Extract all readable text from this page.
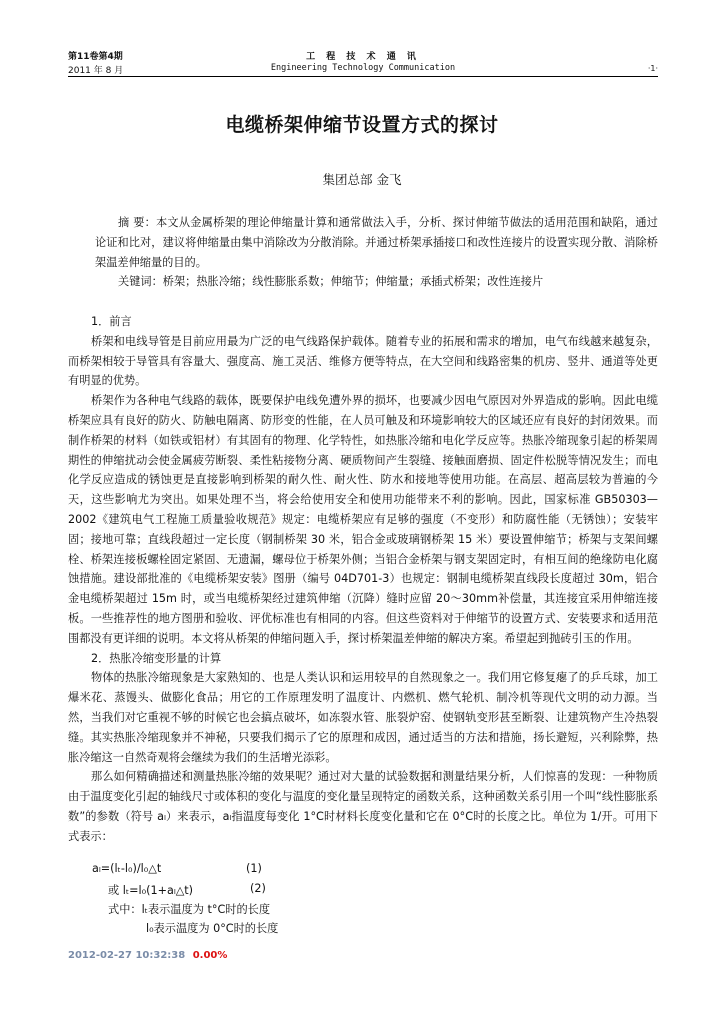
第11卷第4期
2011 年 8 月
工 程 技 术 通 讯
Engineering Technology Communication	·1·
电缆桥架伸缩节设置方式的探讨
集团总部 金飞

摘 要：本文从金属桥架的理论伸缩量计算和通常做法入手，分析、探讨伸缩节做法的适用范围和缺陷，通过论证和比对，建议将伸缩量由集中消除改为分散消除。并通过桥架承插接口和改性连接片的设置实现分散、消除桥架温差伸缩量的目的。

关键词：桥架；热胀冷缩；线性膨胀系数；伸缩节；伸缩量；承插式桥架；改性连接片

1．前言

桥架和电线导管是目前应用最为广泛的电气线路保护载体。随着专业的拓展和需求的增加，电气布线越来越复杂，而桥架相较于导管具有容量大、强度高、施工灵活、维修方便等特点，在大空间和线路密集的机房、竖井、通道等处更有明显的优势。

桥架作为各种电气线路的载体，既要保护电线免遭外界的损坏，也要减少因电气原因对外界造成的影响。因此电缆桥架应具有良好的防火、防触电隔离、防形变的性能，在人员可触及和环境影响较大的区域还应有良好的封闭效果。而制作桥架的材料（如铁或铝材）有其固有的物理、化学特性，如热胀冷缩和电化学反应等。热胀冷缩现象引起的桥架周期性的伸缩扰动会使金属疲劳断裂、柔性粘接物分离、硬质物间产生裂缝、接触面磨损、固定件松脱等情况发生；而电化学反应造成的锈蚀更是直接影响到桥架的耐久性、耐火性、防水和接地等使用功能。在高层、超高层较为普遍的今天，这些影响尤为突出。如果处理不当，将会给使用安全和使用功能带来不利的影响。因此，国家标准 GB50303—2002《建筑电气工程施工质量验收规范》规定：电缆桥架应有足够的强度（不变形）和防腐性能（无锈蚀）；安装牢固；接地可靠；直线段超过一定长度（钢制桥架 30 米，铝合金或玻璃钢桥架 15 米）要设置伸缩节；桥架与支架间螺栓、桥架连接板螺栓固定紧固、无遗漏，螺母位于桥架外侧；当铝合金桥架与钢支架固定时，有相互间的绝缘防电化腐蚀措施。建设部批准的《电缆桥架安装》图册（编号 04D701-3）也规定：钢制电缆桥架直线段长度超过 30m，铝合金电缆桥架超过 15m 时，或当电缆桥架经过建筑伸缩（沉降）缝时应留 20～30mm补偿量，其连接宜采用伸缩连接板。一些推荐性的地方图册和验收、评优标准也有相同的内容。但这些资料对于伸缩节的设置方式、安装要求和适用范围都没有更详细的说明。本文将从桥架的伸缩问题入手，探讨桥架温差伸缩的解决方案。希望起到抛砖引玉的作用。

2．热胀冷缩变形量的计算

物体的热胀冷缩现象是大家熟知的、也是人类认识和运用较早的自然现象之一。我们用它修复瘪了的乒乓球，加工爆米花、蒸馒头、做膨化食品；用它的工作原理发明了温度计、内燃机、燃气轮机、制冷机等现代文明的动力源。当然，当我们对它重视不够的时候它也会搞点破坏，如冻裂水管、胀裂炉窑、使钢轨变形甚至断裂、让建筑物产生冷热裂缝。其实热胀冷缩现象并不神秘，只要我们揭示了它的原理和成因，通过适当的方法和措施，扬长避短，兴利除弊，热胀冷缩这一自然奇观将会继续为我们的生活增光添彩。

那么如何精确描述和测量热胀冷缩的效果呢？通过对大量的试验数据和测量结果分析，人们惊喜的发现：一种物质由于温度变化引起的轴线尺寸或体积的变化与温度的变化量呈现特定的函数关系，这种函数关系引用一个叫“线性膨胀系数”的参数（符号 aₗ）来表示，aₗ指温度每变化 1°C时材料长度变化量和它在 0°C时的长度之比。单位为 1/开。可用下式表示：

aₗ=(lₜ-l₀)/l₀△t	(1)
或 lₜ=l₀(1+aₗ△t)	(2)
式中：lₜ表示温度为 t°C时的长度
l₀表示温度为 0°C时的长度
2012-02-27 10:32:38 0.00%
